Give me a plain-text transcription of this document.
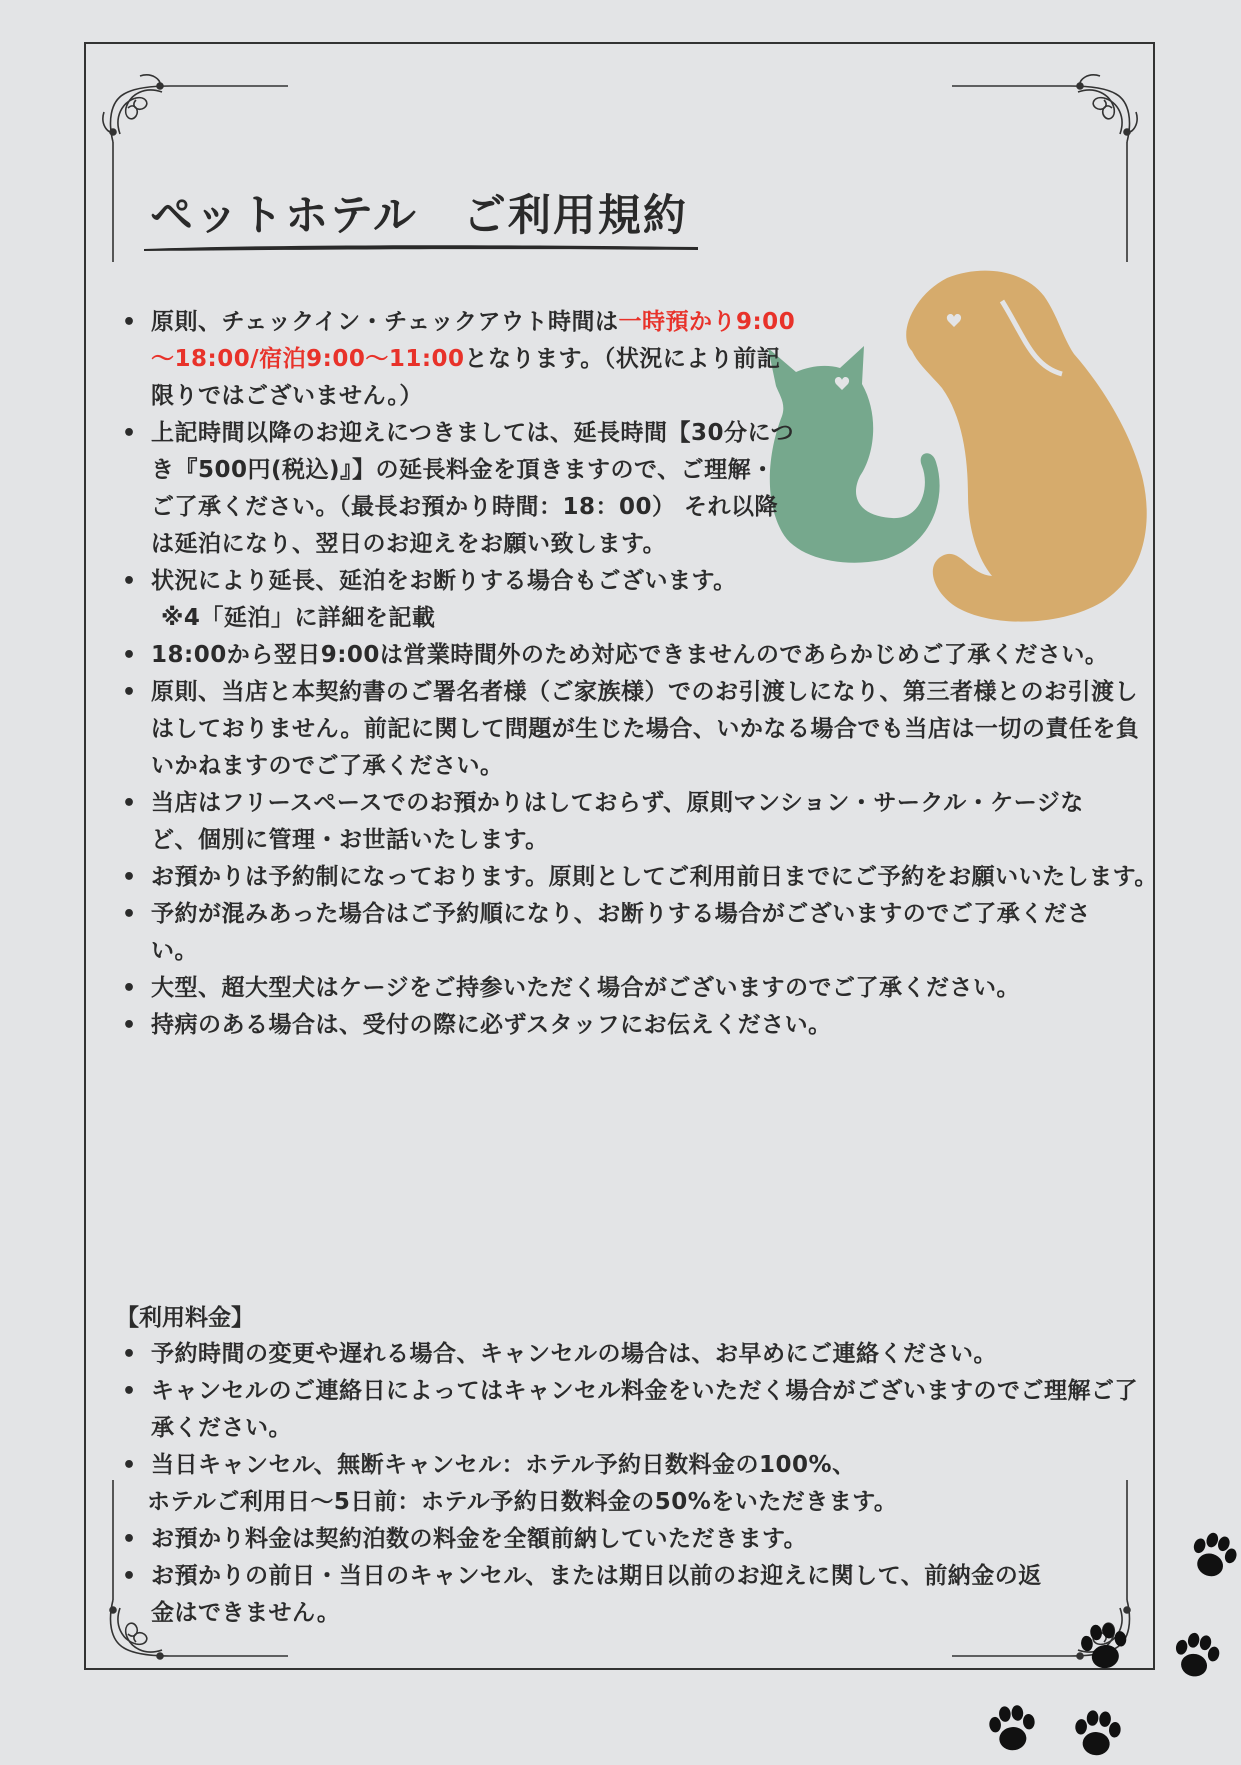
ペットホテル　ご利用規約
• 原則、チェックイン・チェックアウト時間は一時預かり9:00～18:00/宿泊9:00～11:00となります。（状況により前記限りではございません。）
• 上記時間以降のお迎えにつきましては、延長時間【30分につき『500円(税込)』】の延長料金を頂きますので、ご理解・ご了承ください。（最長お預かり時間：18：00） それ以降は延泊になり、翌日のお迎えをお願い致します。
• 状況により延長、延泊をお断りする場合もございます。
※4「延泊」に詳細を記載
• 18:00から翌日9:00は営業時間外のため対応できませんのであらかじめご了承ください。
• 原則、当店と本契約書のご署名者様（ご家族様）でのお引渡しになり、第三者様とのお引渡しはしておりません。前記に関して問題が生じた場合、いかなる場合でも当店は一切の責任を負いかねますのでご了承ください。
• 当店はフリースペースでのお預かりはしておらず、原則マンション・サークル・ケージなど、個別に管理・お世話いたします。
• お預かりは予約制になっております。原則としてご利用前日までにご予約をお願いいたします。
• 予約が混みあった場合はご予約順になり、お断りする場合がございますのでご了承ください。
• 大型、超大型犬はケージをご持参いただく場合がございますのでご了承ください。
• 持病のある場合は、受付の際に必ずスタッフにお伝えください。

【利用料金】

• 予約時間の変更や遅れる場合、キャンセルの場合は、お早めにご連絡ください。
• キャンセルのご連絡日によってはキャンセル料金をいただく場合がございますのでご理解ご了承ください。
• 当日キャンセル、無断キャンセル：ホテル予約日数料金の100%、
ホテルご利用日～5日前：ホテル予約日数料金の50%をいただきます。
• お預かり料金は契約泊数の料金を全額前納していただきます。
• お預かりの前日・当日のキャンセル、または期日以前のお迎えに関して、前納金の返金はできません。
